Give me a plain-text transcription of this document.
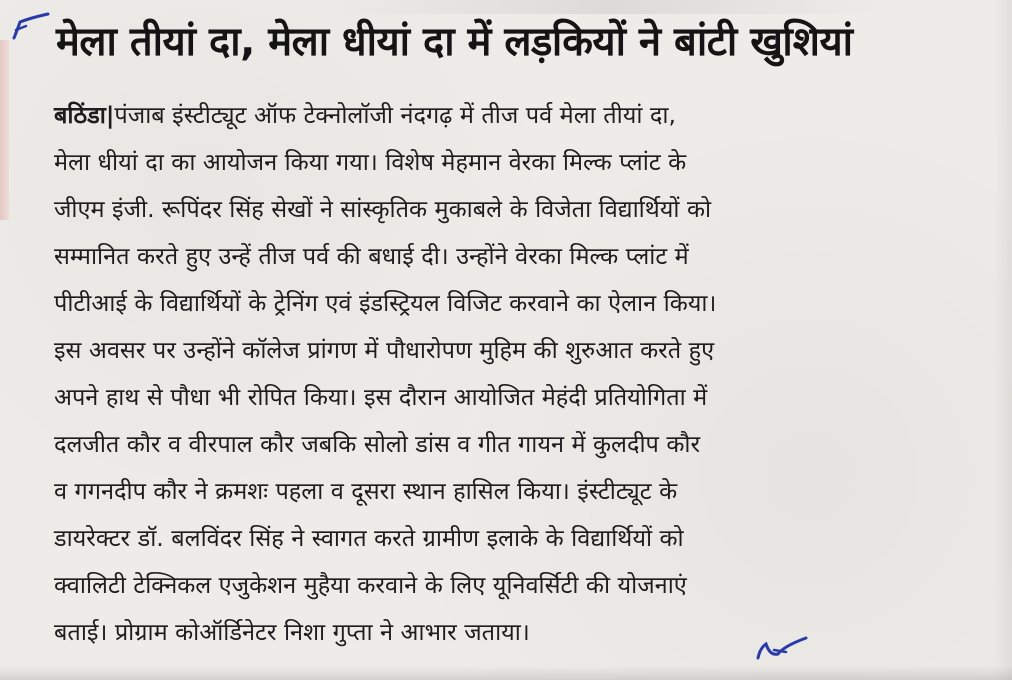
मेला तीयां दा, मेला धीयां दा में लड़कियों ने बांटी खुशियां
बठिंडा|पंजाब इंस्टीट्यूट ऑफ टेक्नोलॉजी नंदगढ़ में तीज पर्व मेला तीयां दा,
मेला धीयां दा का आयोजन किया गया। विशेष मेहमान वेरका मिल्क प्लांट के
जीएम इंजी. रूपिंदर सिंह सेखों ने सांस्कृतिक मुकाबले के विजेता विद्यार्थियों को
सम्मानित करते हुए उन्हें तीज पर्व की बधाई दी। उन्होंने वेरका मिल्क प्लांट में
पीटीआई के विद्यार्थियों के ट्रेनिंग एवं इंडस्ट्रियल विजिट करवाने का ऐलान किया।
इस अवसर पर उन्होंने कॉलेज प्रांगण में पौधारोपण मुहिम की शुरुआत करते हुए
अपने हाथ से पौधा भी रोपित किया। इस दौरान आयोजित मेहंदी प्रतियोगिता में
दलजीत कौर व वीरपाल कौर जबकि सोलो डांस व गीत गायन में कुलदीप कौर
व गगनदीप कौर ने क्रमशः पहला व दूसरा स्थान हासिल किया। इंस्टीट्यूट के
डायरेक्टर डॉ. बलविंदर सिंह ने स्वागत करते ग्रामीण इलाके के विद्यार्थियों को
क्वालिटी टेक्निकल एजुकेशन मुहैया करवाने के लिए यूनिवर्सिटी की योजनाएं
बताई। प्रोग्राम कोऑर्डिनेटर निशा गुप्ता ने आभार जताया।
